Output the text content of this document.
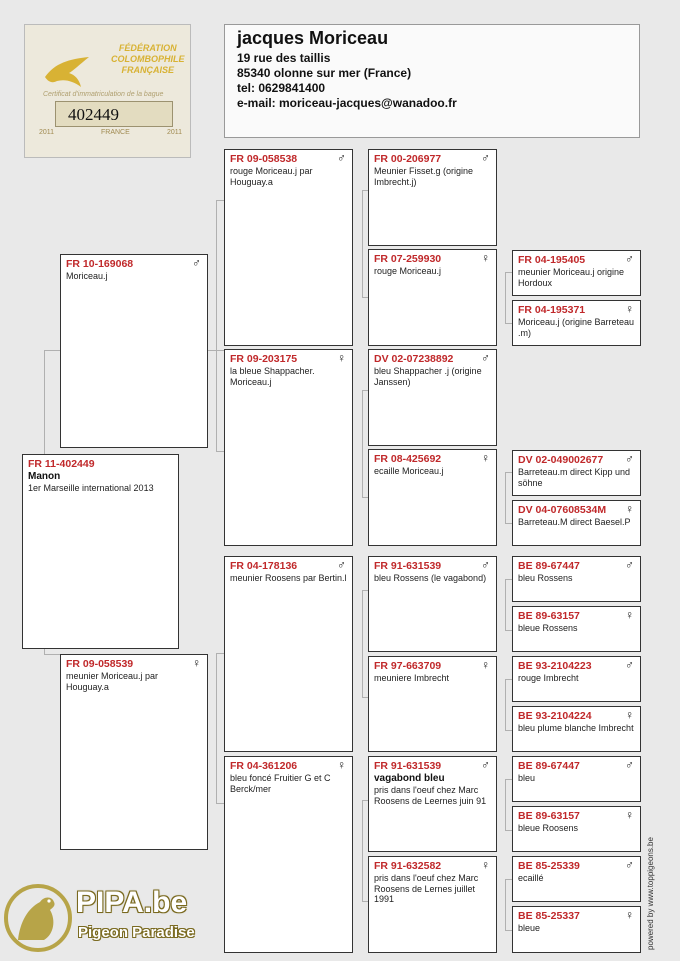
FÉDÉRATION
COLOMBOPHILE
FRANÇAISE
Certificat d'immatriculation de la bague
402449
2011	FRANCE	2011
jacques Moriceau
19 rue des taillis
85340 olonne sur mer (France)
tel: 0629841400
e-mail: moriceau-jacques@wanadoo.fr
FR 11-402449
Manon
1er Marseille international 2013
FR 10-169068	♂
Moriceau.j
FR 09-058539	♀
meunier Moriceau.j par Houguay.a
FR 09-058538	♂
rouge Moriceau.j par Houguay.a
FR 09-203175	♀
la bleue Shappacher. Moriceau.j
FR 04-178136	♂
meunier Roosens par Bertin.l
FR 04-361206	♀
bleu foncé Fruitier G et C Berck/mer
FR 00-206977	♂
Meunier Fisset.g (origine Imbrecht.j)
FR 07-259930	♀
rouge Moriceau.j
DV 02-07238892	♂
bleu Shappacher .j (origine Janssen)
FR 08-425692	♀
ecaille Moriceau.j
FR 91-631539	♂
bleu Rossens (le vagabond)
FR 97-663709	♀
meuniere Imbrecht
FR 91-631539	♂
vagabond bleu
pris dans l'oeuf chez Marc Roosens de Leernes juin 91
FR 91-632582	♀
pris dans l'oeuf chez Marc Roosens de Lernes juillet 1991
FR 04-195405	♂
meunier Moriceau.j origine Hordoux
FR 04-195371	♀
Moriceau.j (origine Barreteau .m)
DV 02-049002677	♂
Barreteau.m direct Kipp und söhne
DV 04-07608534M	♀
Barreteau.M direct Baesel.P
BE 89-67447	♂
bleu Rossens
BE 89-63157	♀
bleue Rossens
BE 93-2104223	♂
rouge Imbrecht
BE 93-2104224	♀
bleu plume blanche Imbrecht
BE 89-67447	♂
bleu
BE 89-63157	♀
bleue Roosens
BE 85-25339	♂
ecaillé
BE 85-25337	♀
bleue	powered by www.toppigeons.be
PIPA.be
Pigeon Paradise
